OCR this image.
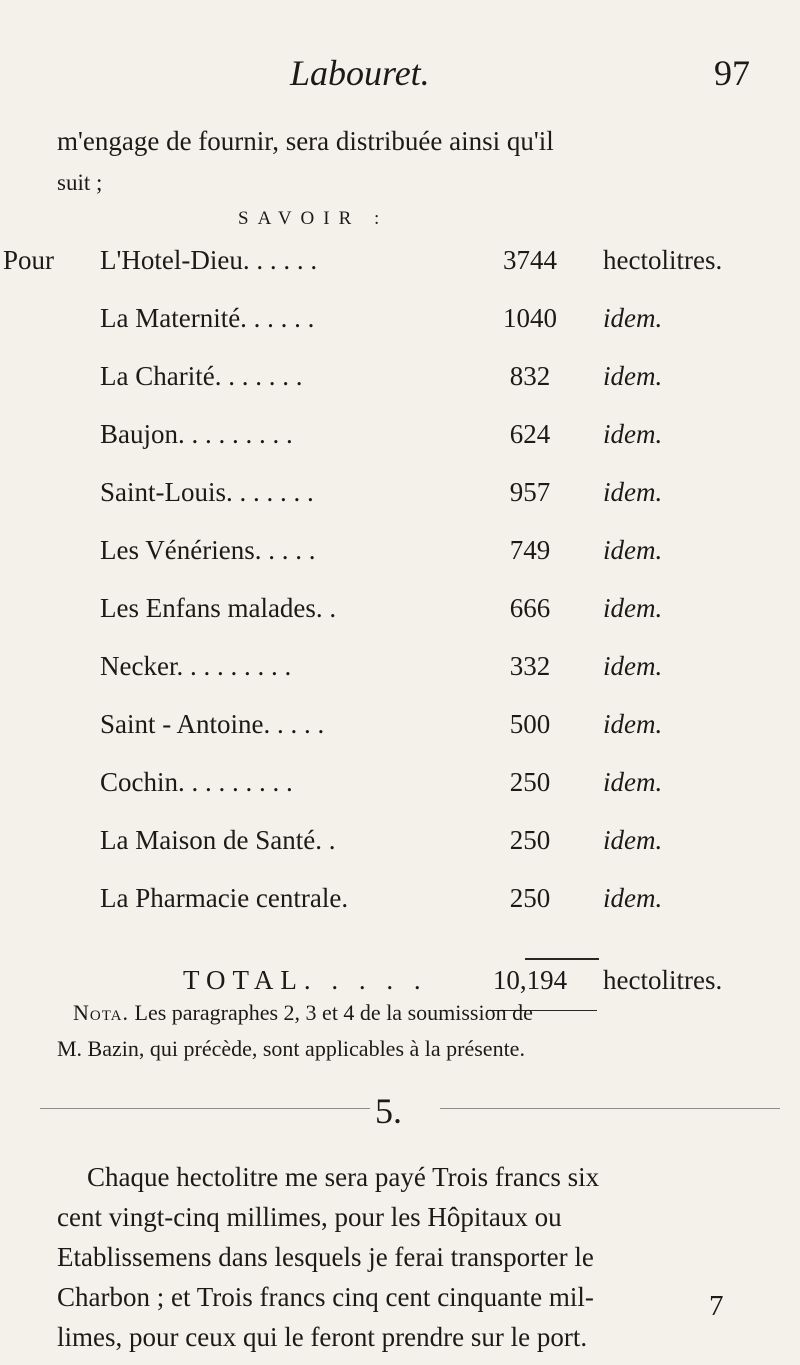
Labouret.	97
m'engage de fournir, sera distribuée ainsi qu'il
suit ;
SAVOIR :
Pour L'Hotel-Dieu. . . . . .	3744	hectolitres.
La Maternité. . . . . .	1040	idem.
La Charité. . . . . . .	832	idem.
Baujon. . . . . . . . .	624	idem.
Saint-Louis. . . . . . .	957	idem.
Les Vénériens. . . . .	749	idem.
Les Enfans malades. .	666	idem.
Necker. . . . . . . . .	332	idem.
Saint - Antoine. . . . .	500	idem.
Cochin. . . . . . . . .	250	idem.
La Maison de Santé. .	250	idem.
La Pharmacie centrale.	250	idem.
TOTAL. . . . .	10,194	hectolitres.
Nota. Les paragraphes 2, 3 et 4 de la soumission de
M. Bazin, qui précède, sont applicables à la présente.
5.
Chaque hectolitre me sera payé Trois francs six
cent vingt-cinq millimes, pour les Hôpitaux ou
Etablissemens dans lesquels je ferai transporter le
Charbon ; et Trois francs cinq cent cinquante mil-
limes, pour ceux qui le feront prendre sur le port.
7
